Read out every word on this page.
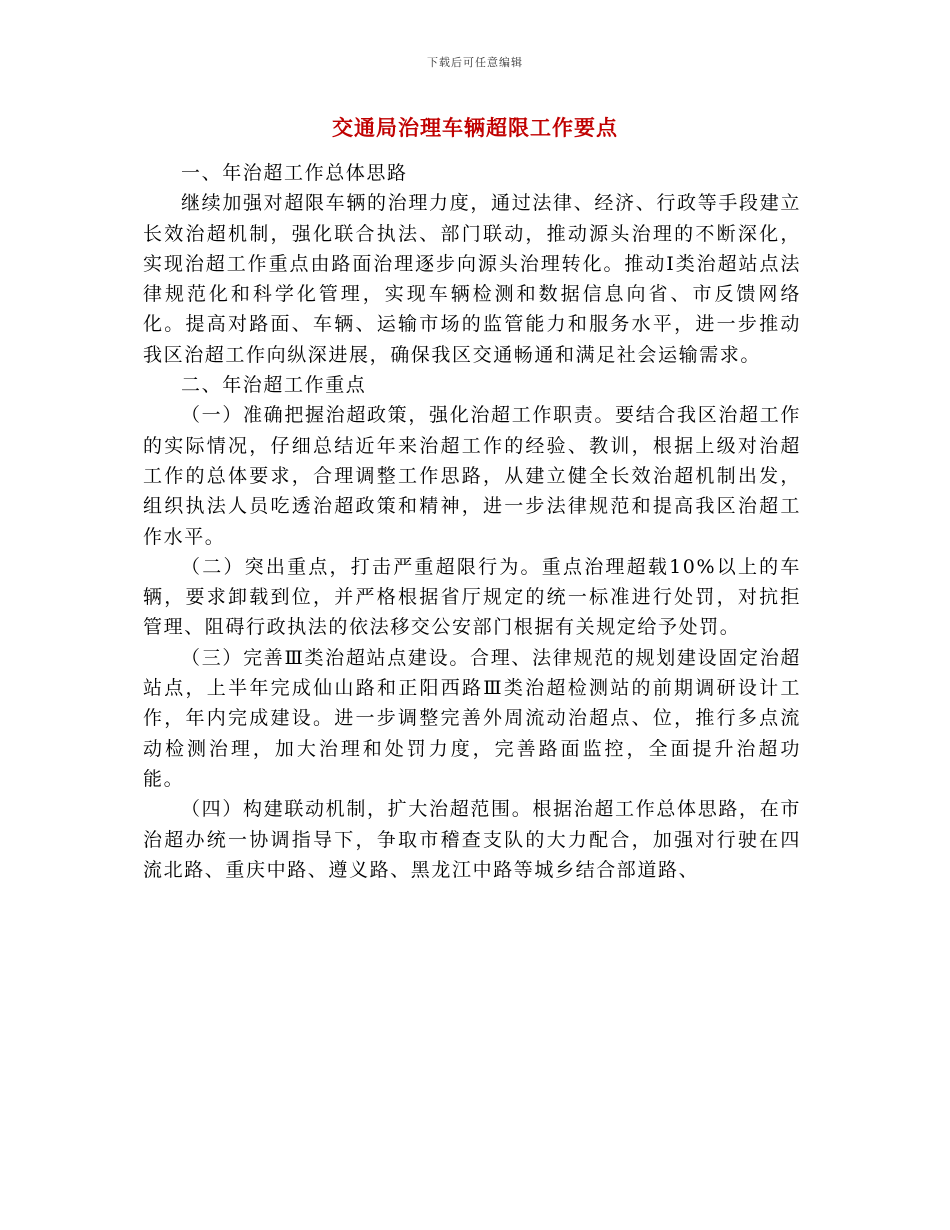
下载后可任意编辑
交通局治理车辆超限工作要点

一、年治超工作总体思路

继续加强对超限车辆的治理力度，通过法律、经济、行政等手段建立长效治超机制，强化联合执法、部门联动，推动源头治理的不断深化，实现治超工作重点由路面治理逐步向源头治理转化。推动Ⅰ类治超站点法律规范化和科学化管理，实现车辆检测和数据信息向省、市反馈网络化。提高对路面、车辆、运输市场的监管能力和服务水平，进一步推动我区治超工作向纵深进展，确保我区交通畅通和满足社会运输需求。

二、年治超工作重点

（一）准确把握治超政策，强化治超工作职责。要结合我区治超工作的实际情况，仔细总结近年来治超工作的经验、教训，根据上级对治超工作的总体要求，合理调整工作思路，从建立健全长效治超机制出发，组织执法人员吃透治超政策和精神，进一步法律规范和提高我区治超工作水平。

（二）突出重点，打击严重超限行为。重点治理超载10%以上的车辆，要求卸载到位，并严格根据省厅规定的统一标准进行处罚，对抗拒管理、阻碍行政执法的依法移交公安部门根据有关规定给予处罚。

（三）完善Ⅲ类治超站点建设。合理、法律规范的规划建设固定治超站点，上半年完成仙山路和正阳西路Ⅲ类治超检测站的前期调研设计工作，年内完成建设。进一步调整完善外周流动治超点、位，推行多点流动检测治理，加大治理和处罚力度，完善路面监控，全面提升治超功能。

（四）构建联动机制，扩大治超范围。根据治超工作总体思路，在市治超办统一协调指导下，争取市稽查支队的大力配合，加强对行驶在四流北路、重庆中路、遵义路、黑龙江中路等城乡结合部道路、
